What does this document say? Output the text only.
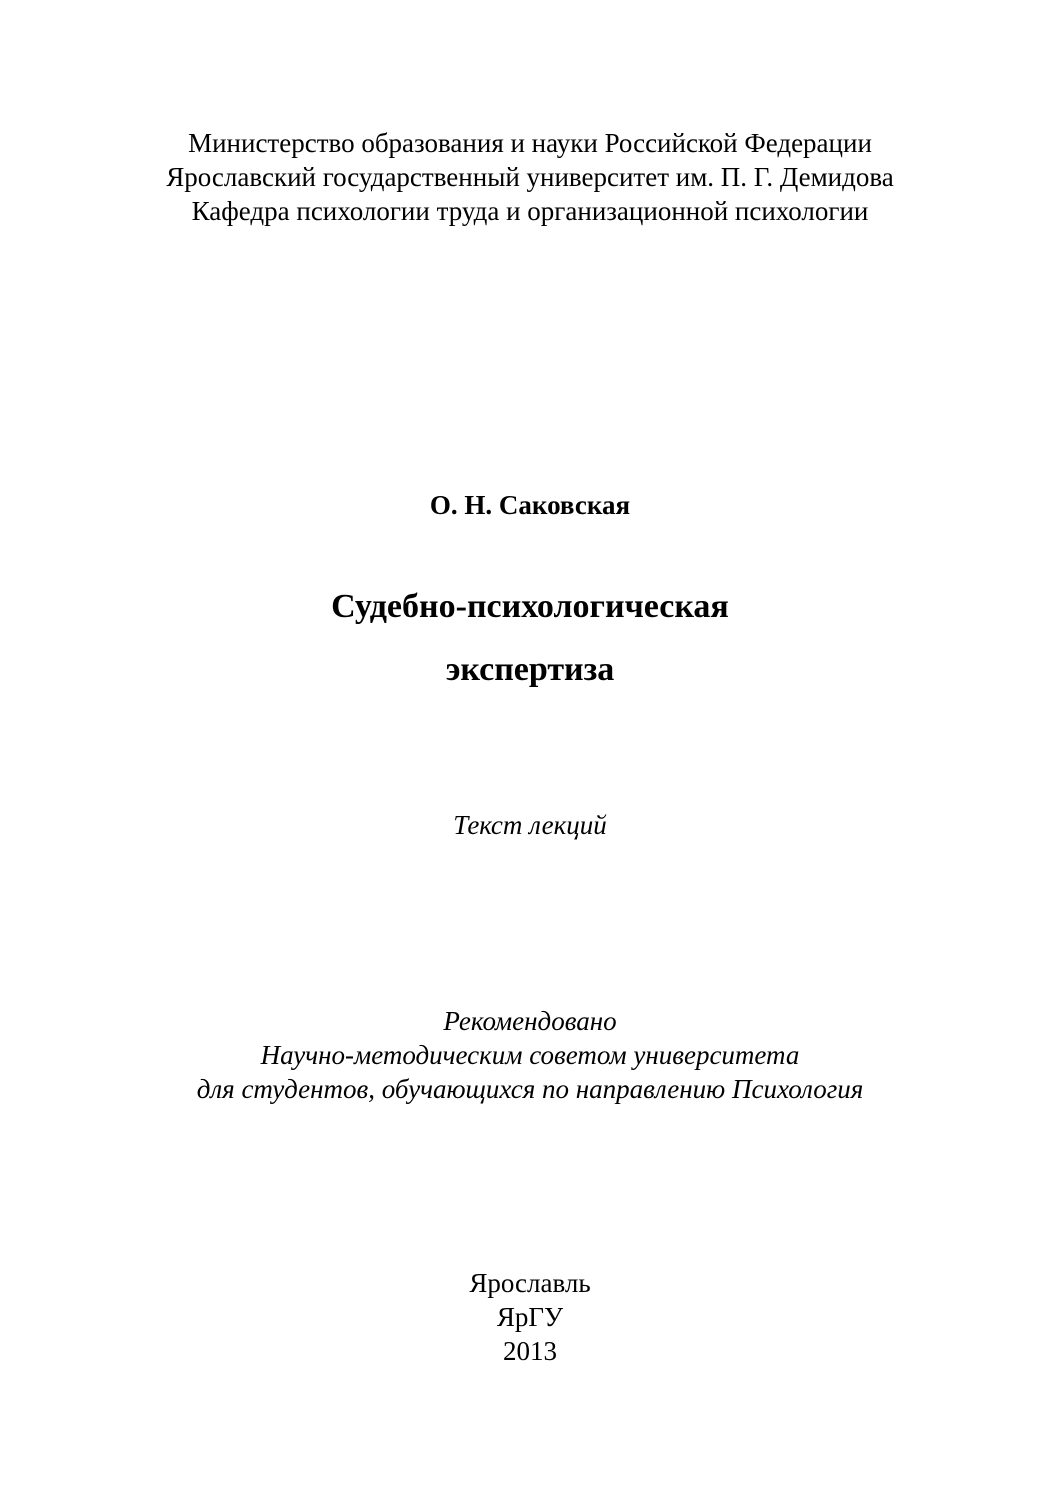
Министерство образования и науки Российской Федерации
Ярославский государственный университет им. П. Г. Демидова
Кафедра психологии труда и организационной психологии
О. Н. Саковская
Судебно-психологическая
экспертиза
Текст лекций
Рекомендовано
Научно-методическим советом университета
для студентов, обучающихся по направлению Психология
Ярославль
ЯрГУ
2013
